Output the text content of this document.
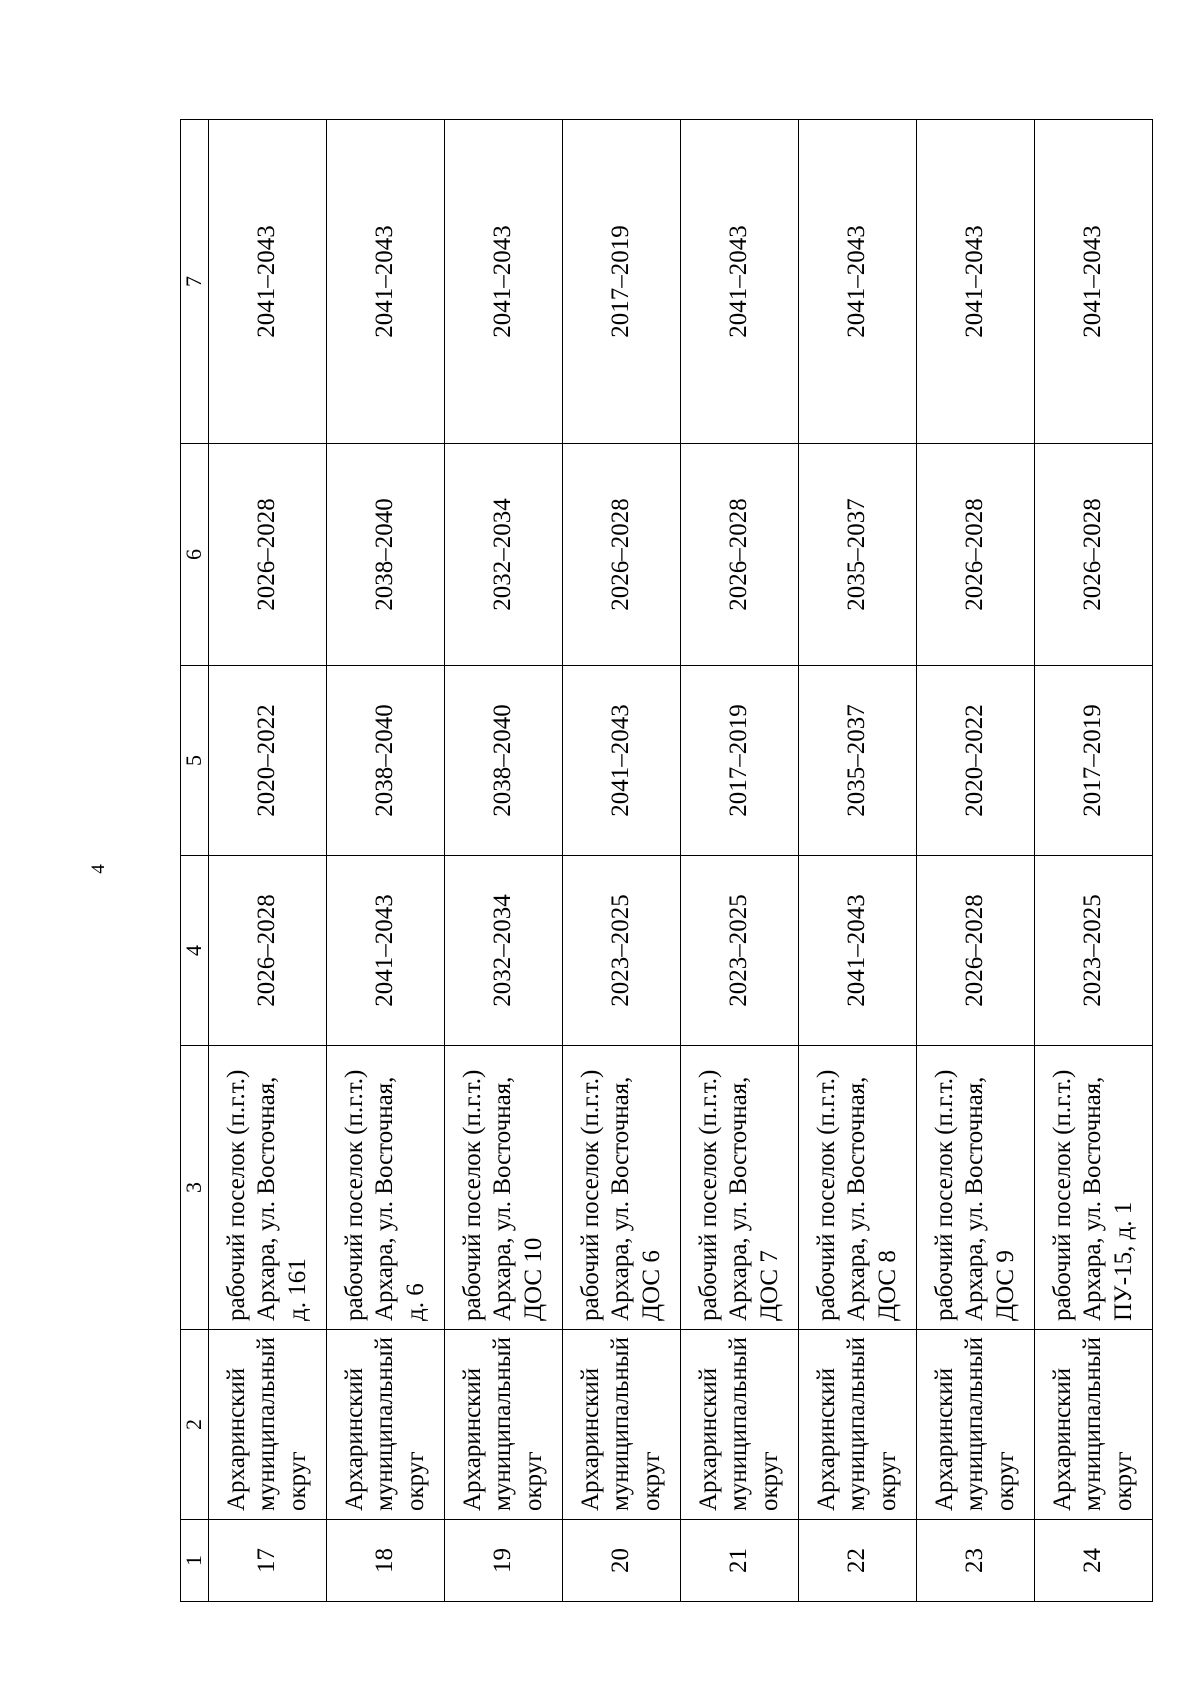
4
1	2	3	4	5	6	7
17	Архаринский муниципальный округ	рабочий поселок (п.г.т.) Архара, ул. Восточная, д. 161	2026–2028	2020–2022	2026–2028	2041–2043
18	Архаринский муниципальный округ	рабочий поселок (п.г.т.) Архара, ул. Восточная, д. 6	2041–2043	2038–2040	2038–2040	2041–2043
19	Архаринский муниципальный округ	рабочий поселок (п.г.т.) Архара, ул. Восточная, ДОС 10	2032–2034	2038–2040	2032–2034	2041–2043
20	Архаринский муниципальный округ	рабочий поселок (п.г.т.) Архара, ул. Восточная, ДОС 6	2023–2025	2041–2043	2026–2028	2017–2019
21	Архаринский муниципальный округ	рабочий поселок (п.г.т.) Архара, ул. Восточная, ДОС 7	2023–2025	2017–2019	2026–2028	2041–2043
22	Архаринский муниципальный округ	рабочий поселок (п.г.т.) Архара, ул. Восточная, ДОС 8	2041–2043	2035–2037	2035–2037	2041–2043
23	Архаринский муниципальный округ	рабочий поселок (п.г.т.) Архара, ул. Восточная, ДОС 9	2026–2028	2020–2022	2026–2028	2041–2043
24	Архаринский муниципальный округ	рабочий поселок (п.г.т.) Архара, ул. Восточная, ПУ-15, д. 1	2023–2025	2017–2019	2026–2028	2041–2043
